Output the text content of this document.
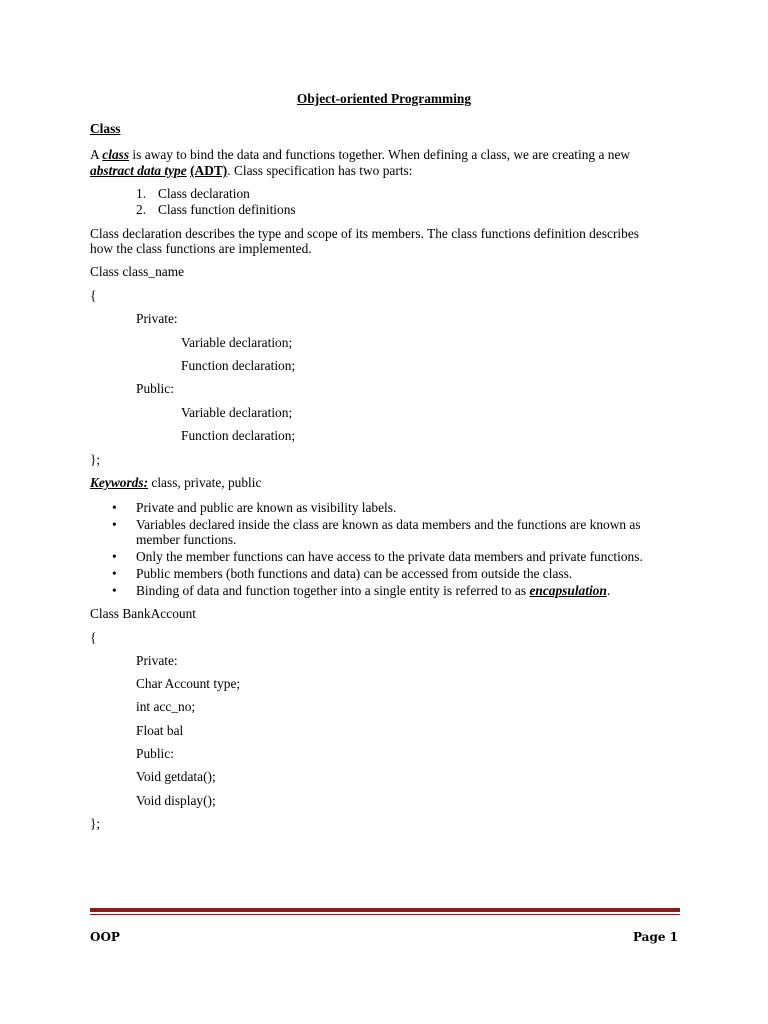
Object-oriented Programming

Class

A class is away to bind the data and functions together. When defining a class, we are creating a new

abstract data type (ADT). Class specification has two parts:

1. Class declaration

2. Class function definitions

Class declaration describes the type and scope of its members. The class functions definition describes

how the class functions are implemented.

Class class_name

{

Private:

Variable declaration;

Function declaration;

Public:

Variable declaration;

Function declaration;

};

Keywords: class, private, public

• Private and public are known as visibility labels.

• Variables declared inside the class are known as data members and the functions are known as

member functions.

• Only the member functions can have access to the private data members and private functions.

• Public members (both functions and data) can be accessed from outside the class.

• Binding of data and function together into a single entity is referred to as encapsulation.

Class BankAccount

{

Private:

Char Account type;

int acc_no;

Float bal

Public:

Void getdata();

Void display();

};

OOP	Page 1
